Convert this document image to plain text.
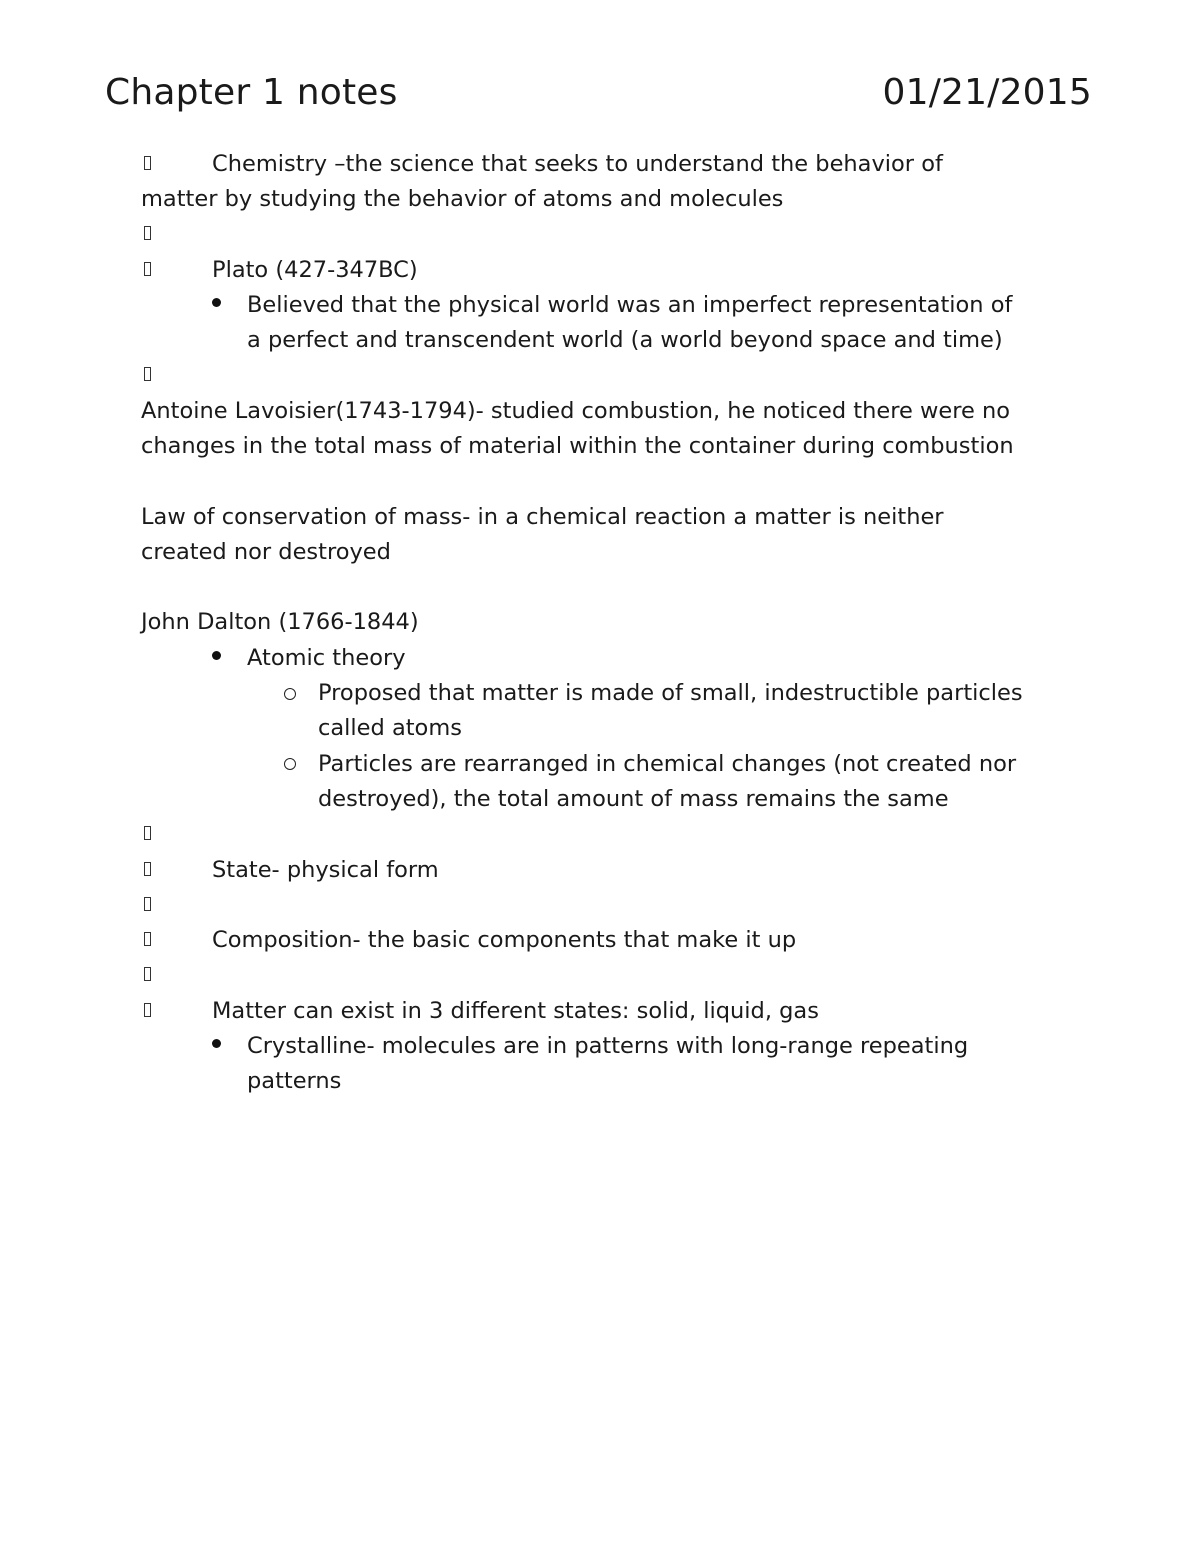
Chapter 1 notes	01/21/2015
Chemistry –the science that seeks to understand the behavior of
matter by studying the behavior of atoms and molecules
Plato (427-347BC)
Believed that the physical world was an imperfect representation of
a perfect and transcendent world (a world beyond space and time)
Antoine Lavoisier(1743-1794)- studied combustion, he noticed there were no
changes in the total mass of material within the container during combustion
Law of conservation of mass- in a chemical reaction a matter is neither
created nor destroyed
John Dalton (1766-1844)
Atomic theory
Proposed that matter is made of small, indestructible particles
called atoms
Particles are rearranged in chemical changes (not created nor
destroyed), the total amount of mass remains the same
State- physical form
Composition- the basic components that make it up
Matter can exist in 3 different states: solid, liquid, gas
Crystalline- molecules are in patterns with long-range repeating
patterns
